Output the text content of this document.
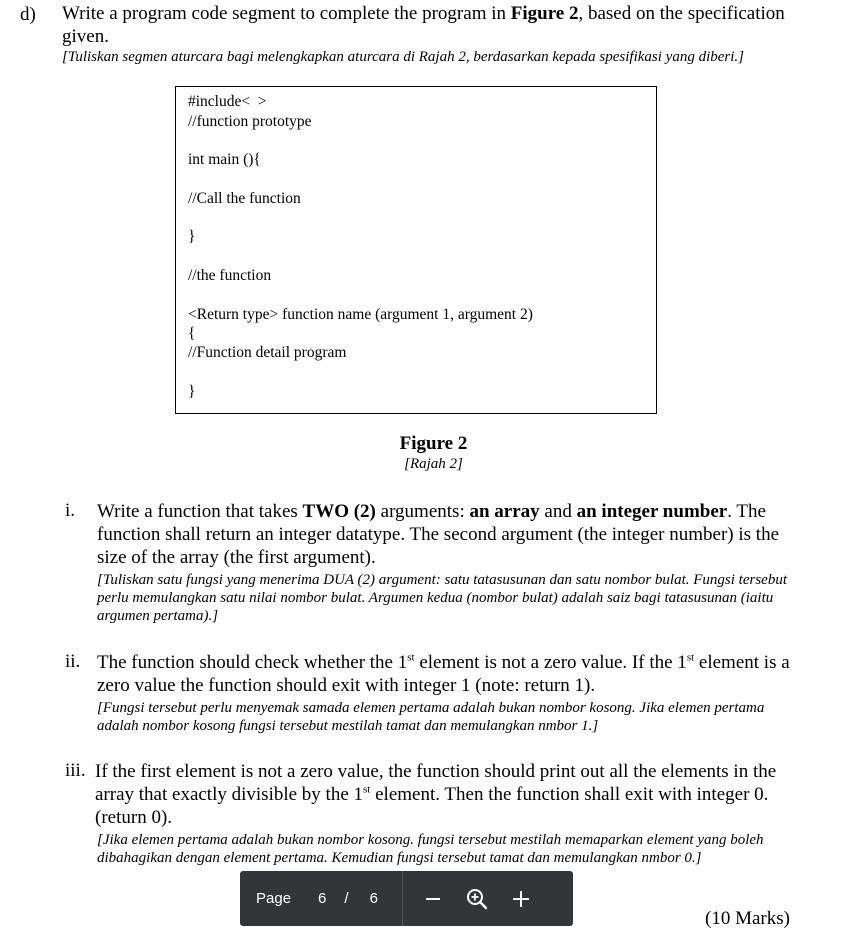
d) Write a program code segment to complete the program in Figure 2, based on the specification given.
[Tuliskan segmen aturcara bagi melengkapkan aturcara di Rajah 2, berdasarkan kepada spesifikasi yang diberi.]
#include<  >
//function prototype
int main (){
//Call the function
}
//the function
<Return type> function name (argument 1, argument 2)
{
//Function detail program
}
Figure 2
[Rajah 2]
i. Write a function that takes TWO (2) arguments: an array and an integer number. The function shall return an integer datatype. The second argument (the integer number) is the size of the array (the first argument).
[Tuliskan satu fungsi yang menerima DUA (2) argument: satu tatasusunan dan satu nombor bulat. Fungsi tersebut perlu memulangkan satu nilai nombor bulat. Argumen kedua (nombor bulat) adalah saiz bagi tatasusunan (iaitu argumen pertama).]
ii. The function should check whether the 1st element is not a zero value. If the 1st element is a zero value the function should exit with integer 1 (note: return 1).
[Fungsi tersebut perlu menyemak samada elemen pertama adalah bukan nombor kosong. Jika elemen pertama adalah nombor kosong fungsi tersebut mestilah tamat dan memulangkan nmbor 1.]
iii. If the first element is not a zero value, the function should print out all the elements in the array that exactly divisible by the 1st element. Then the function shall exit with integer 0. (return 0).
[Jika elemen pertama adalah bukan nombor kosong. fungsi tersebut mestilah memaparkan element yang boleh dibahagikan dengan element pertama. Kemudian fungsi tersebut tamat dan memulangkan nmbor 0.]
(10 Marks)
Page 6 / 6
